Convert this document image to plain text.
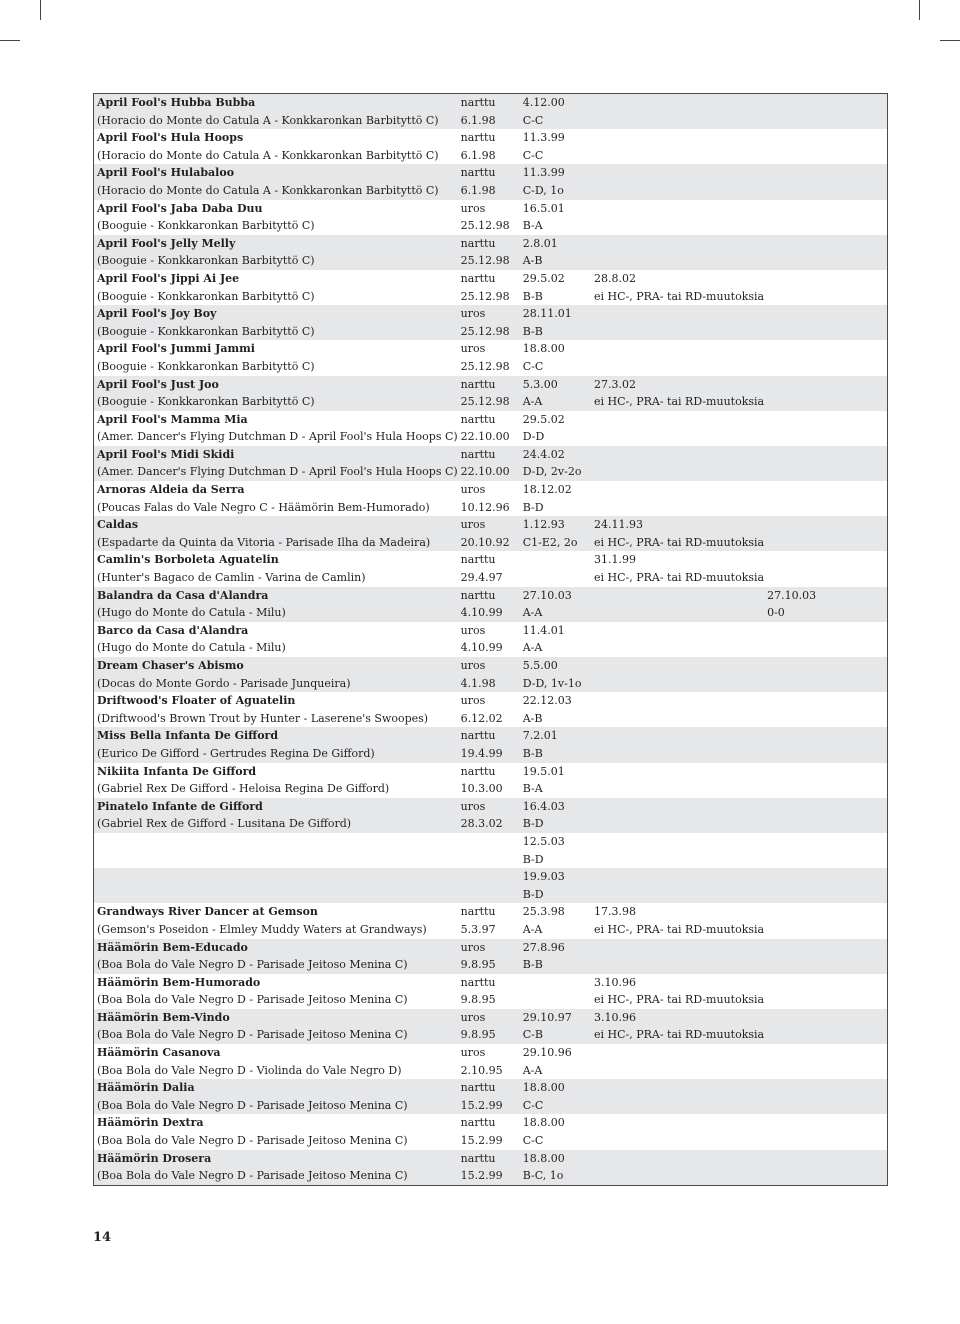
April Fool's Hubba Bubba	narttu	4.12.00		
(Horacio do Monte do Catula A - Konkkaronkan Barbityttö C)	6.1.98	C-C		
April Fool's Hula Hoops	narttu	11.3.99		
(Horacio do Monte do Catula A - Konkkaronkan Barbityttö C)	6.1.98	C-C		
April Fool's Hulabaloo	narttu	11.3.99		
(Horacio do Monte do Catula A - Konkkaronkan Barbityttö C)	6.1.98	C-D, 1o		
April Fool's Jaba Daba Duu	uros	16.5.01		
(Booguie - Konkkaronkan Barbityttö C)	25.12.98	B-A		
April Fool's Jelly Melly	narttu	2.8.01		
(Booguie - Konkkaronkan Barbityttö C)	25.12.98	A-B		
April Fool's Jippi Ai Jee	narttu	29.5.02	28.8.02	
(Booguie - Konkkaronkan Barbityttö C)	25.12.98	B-B	ei HC-, PRA- tai RD-muutoksia	
April Fool's Joy Boy	uros	28.11.01		
(Booguie - Konkkaronkan Barbityttö C)	25.12.98	B-B		
April Fool's Jummi Jammi	uros	18.8.00		
(Booguie - Konkkaronkan Barbityttö C)	25.12.98	C-C		
April Fool's Just Joo	narttu	5.3.00	27.3.02	
(Booguie - Konkkaronkan Barbityttö C)	25.12.98	A-A	ei HC-, PRA- tai RD-muutoksia	
April Fool's Mamma Mia	narttu	29.5.02		
(Amer. Dancer's Flying Dutchman D - April Fool's Hula Hoops C)	22.10.00	D-D		
April Fool's Midi Skidi	narttu	24.4.02		
(Amer. Dancer's Flying Dutchman D - April Fool's Hula Hoops C)	22.10.00	D-D, 2v-2o		
Arnoras Aldeia da Serra	uros	18.12.02		
(Poucas Falas do Vale Negro C - Häämörin Bem-Humorado)	10.12.96	B-D		
Caldas	uros	1.12.93	24.11.93	
(Espadarte da Quinta da Vitoria - Parisade Ilha da Madeira)	20.10.92	C1-E2, 2o	ei HC-, PRA- tai RD-muutoksia	
Camlin's Borboleta Aguatelin	narttu		31.1.99	
(Hunter's Bagaco de Camlin - Varina de Camlin)	29.4.97		ei HC-, PRA- tai RD-muutoksia	
Balandra da Casa d'Alandra	narttu	27.10.03		27.10.03
(Hugo do Monte do Catula - Milu)	4.10.99	A-A		0-0
Barco da Casa d'Alandra	uros	11.4.01		
(Hugo do Monte do Catula - Milu)	4.10.99	A-A		
Dream Chaser's Abismo	uros	5.5.00		
(Docas do Monte Gordo - Parisade Junqueira)	4.1.98	D-D, 1v-1o		
Driftwood's Floater of Aguatelin	uros	22.12.03		
(Driftwood's Brown Trout by Hunter - Laserene's Swoopes)	6.12.02	A-B		
Miss Bella Infanta De Gifford	narttu	7.2.01		
(Eurico De Gifford - Gertrudes Regina De Gifford)	19.4.99	B-B		
Nikiita Infanta De Gifford	narttu	19.5.01		
(Gabriel Rex De Gifford - Heloisa Regina De Gifford)	10.3.00	B-A		
Pinatelo Infante de Gifford	uros	16.4.03		
(Gabriel Rex de Gifford - Lusitana De Gifford)	28.3.02	B-D		
		12.5.03		
		B-D		
		19.9.03		
		B-D		
Grandways River Dancer at Gemson	narttu	25.3.98	17.3.98	
(Gemson's Poseidon - Elmley Muddy Waters at Grandways)	5.3.97	A-A	ei HC-, PRA- tai RD-muutoksia	
Häämörin Bem-Educado	uros	27.8.96		
(Boa Bola do Vale Negro D - Parisade Jeitoso Menina C)	9.8.95	B-B		
Häämörin Bem-Humorado	narttu		3.10.96	
(Boa Bola do Vale Negro D - Parisade Jeitoso Menina C)	9.8.95		ei HC-, PRA- tai RD-muutoksia	
Häämörin Bem-Vindo	uros	29.10.97	3.10.96	
(Boa Bola do Vale Negro D - Parisade Jeitoso Menina C)	9.8.95	C-B	ei HC-, PRA- tai RD-muutoksia	
Häämörin Casanova	uros	29.10.96		
(Boa Bola do Vale Negro D - Violinda do Vale Negro D)	2.10.95	A-A		
Häämörin Dalia	narttu	18.8.00		
(Boa Bola do Vale Negro D - Parisade Jeitoso Menina C)	15.2.99	C-C		
Häämörin Dextra	narttu	18.8.00		
(Boa Bola do Vale Negro D - Parisade Jeitoso Menina C)	15.2.99	C-C		
Häämörin Drosera	narttu	18.8.00		
(Boa Bola do Vale Negro D - Parisade Jeitoso Menina C)	15.2.99	B-C, 1o		
14
